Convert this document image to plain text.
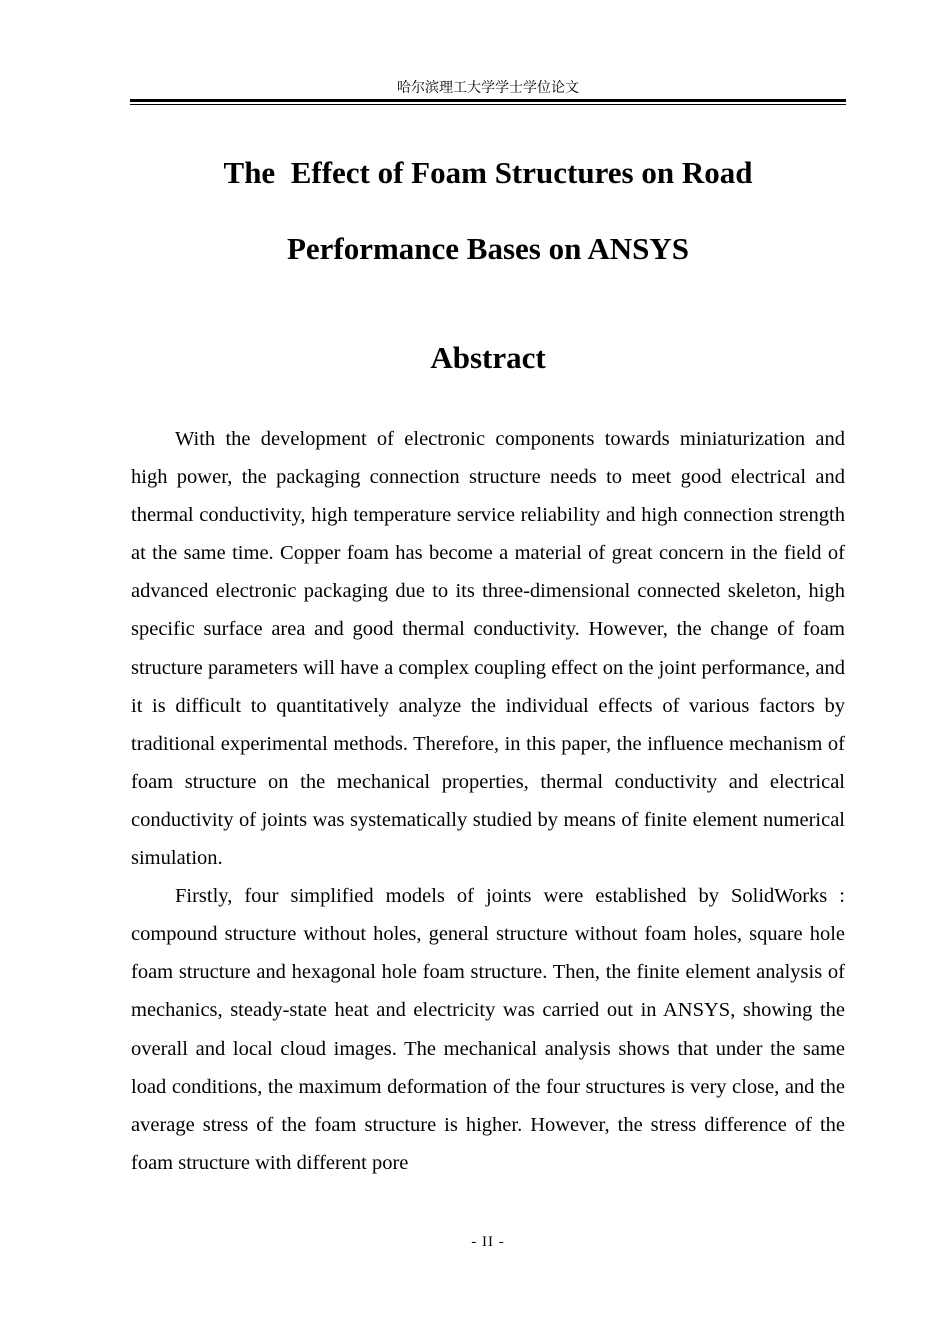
哈尔滨理工大学学士学位论文
The  Effect of Foam Structures on Road
Performance Bases on ANSYS
Abstract

With the development of electronic components towards miniaturization and high power, the packaging connection structure needs to meet good electrical and thermal conductivity, high temperature service reliability and high connection strength at the same time. Copper foam has become a material of great concern in the field of advanced electronic packaging due to its three-dimensional connected skeleton, high specific surface area and good thermal conductivity. However, the change of foam structure parameters will have a complex coupling effect on the joint performance, and it is difficult to quantitatively analyze the individual effects of various factors by traditional experimental methods. Therefore, in this paper, the influence mechanism of foam structure on the mechanical properties, thermal conductivity and electrical conductivity of joints was systematically studied by means of finite element numerical simulation.

Firstly, four simplified models of joints were established by SolidWorks : compound structure without holes, general structure without foam holes, square hole foam structure and hexagonal hole foam structure. Then, the finite element analysis of mechanics, steady-state heat and electricity was carried out in ANSYS, showing the overall and local cloud images. The mechanical analysis shows that under the same load conditions, the maximum deformation of the four structures is very close, and the average stress of the foam structure is higher. However, the stress difference of the foam structure with different pore

- II -
